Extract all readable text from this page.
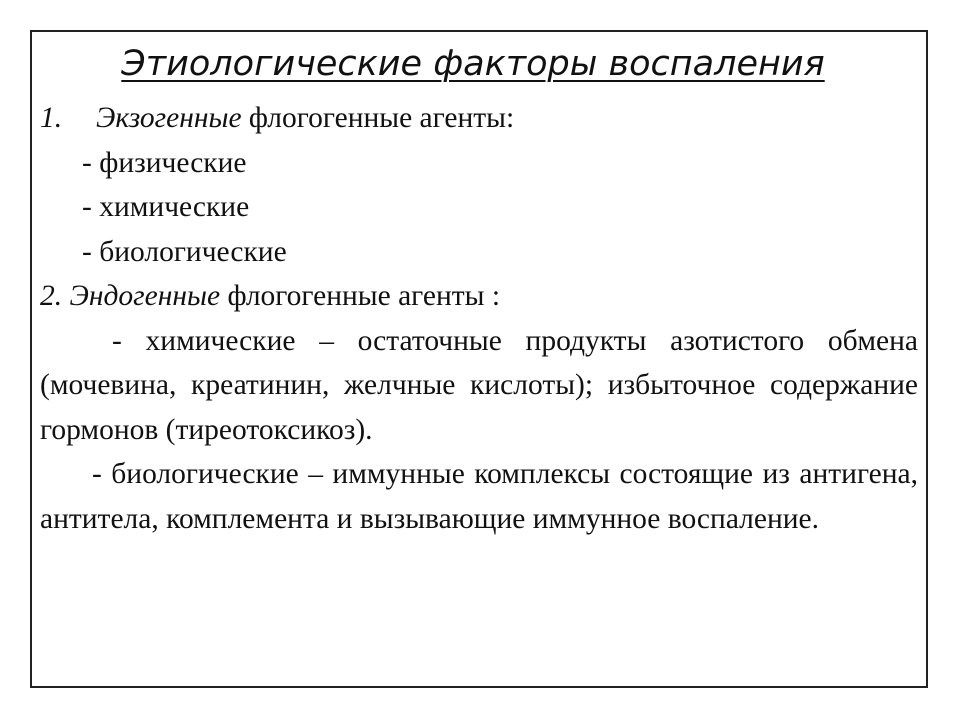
Этиологические факторы воспаления
1. Экзогенные флогогенные агенты:
- физические
- химические
- биологические
2. Эндогенные флогогенные агенты :
- химические – остаточные продукты азотистого обмена (мочевина, креатинин, желчные кислоты); избыточное содержание гормонов (тиреотоксикоз).
- биологические – иммунные комплексы состоящие из антигена, антитела, комплемента и вызывающие иммунное воспаление.
